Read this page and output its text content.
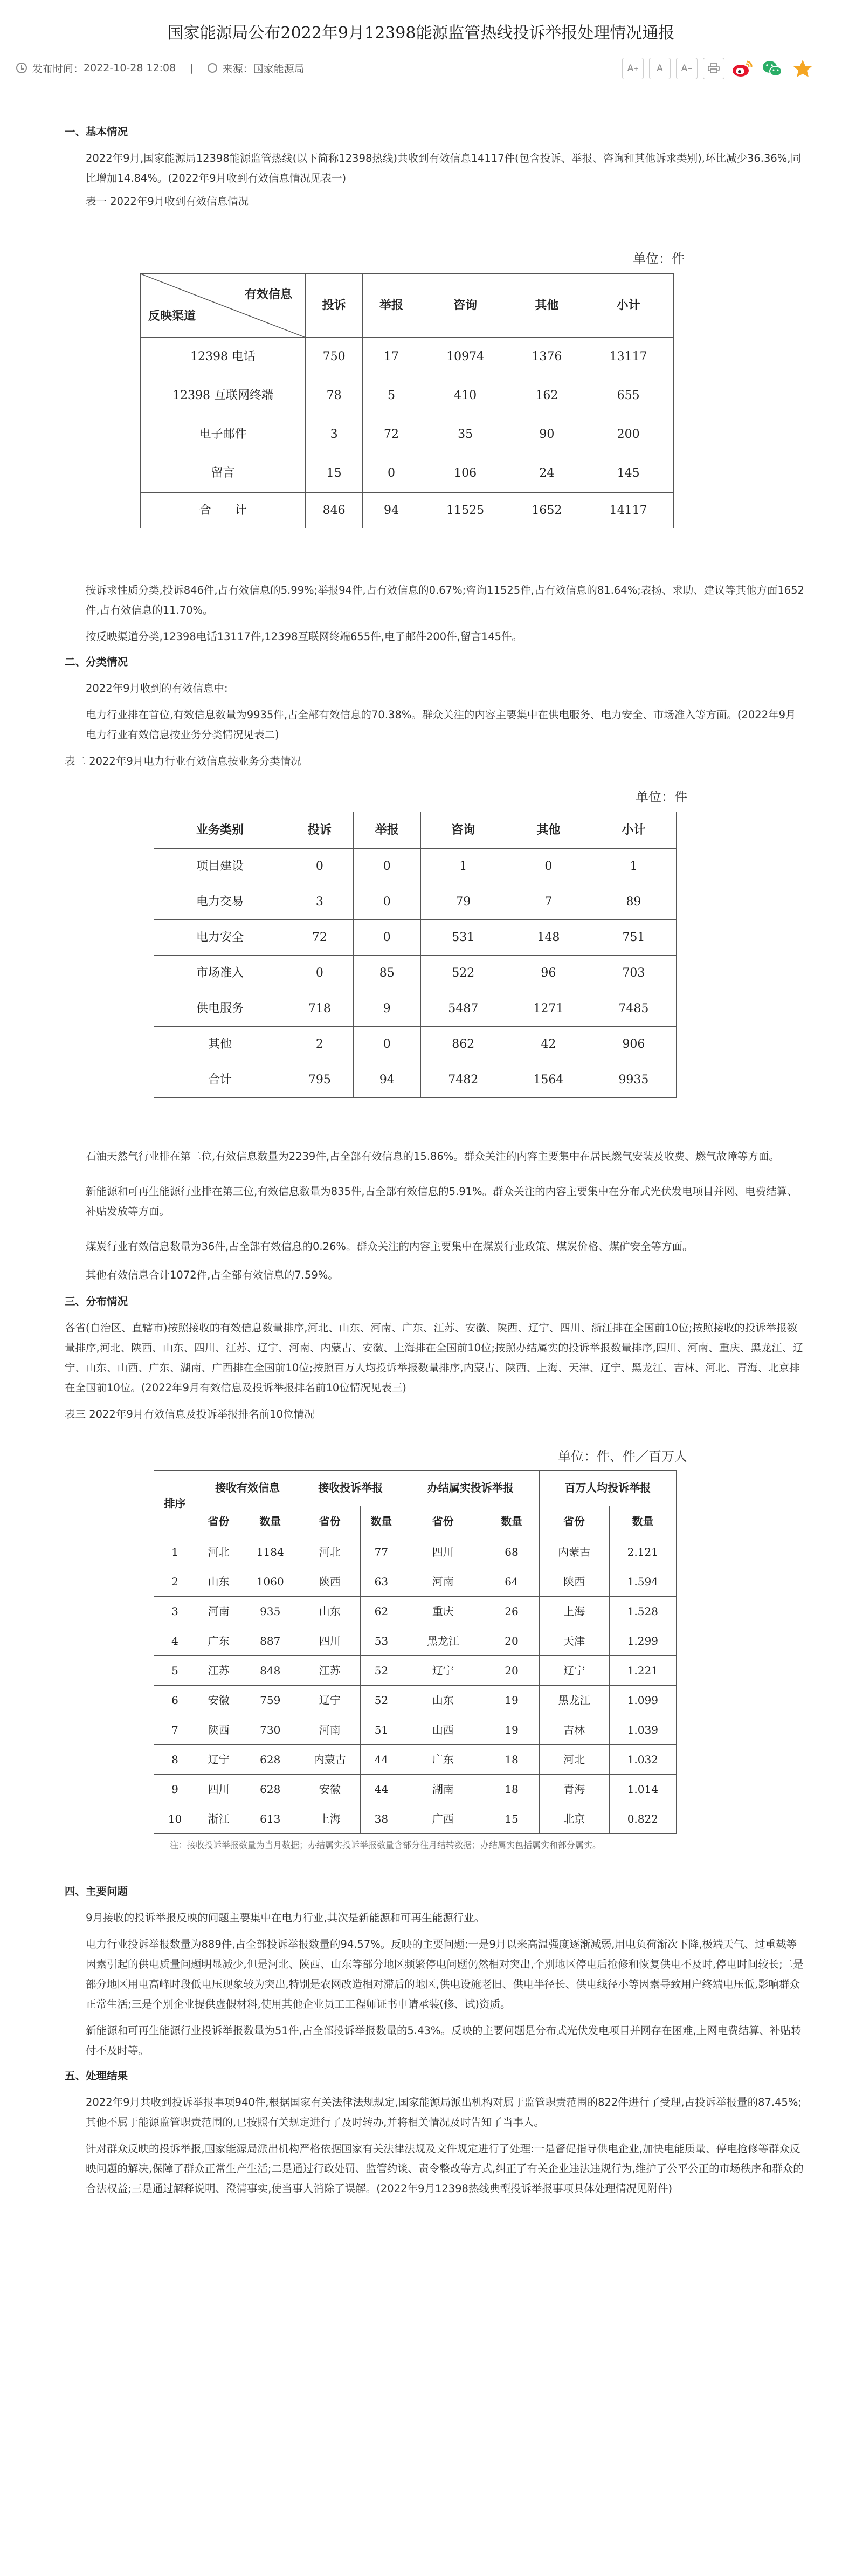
国家能源局公布2022年9月12398能源监管热线投诉举报处理情况通报
发布时间： 2022-10-28 12:08 |	来源： 国家能源局	A + A A −

一、基本情况

2022年9月,国家能源局12398能源监管热线(以下简称12398热线)共收到有效信息14117件(包含投诉、举报、咨询和其他诉求类别),环比减少36.36%,同比增加14.84%。(2022年9月收到有效信息情况见表一)

表一 2022年9月收到有效信息情况

单位：件
有效信息
反映渠道	投诉	举报	咨询	其他	小计
12398 电话	750	17	10974	1376	13117
12398 互联网终端	78	5	410	162	655
电子邮件	3	72	35	90	200
留言	15	0	106	24	145
合　　计	846	94	11525	1652	14117

按诉求性质分类,投诉846件,占有效信息的5.99%;举报94件,占有效信息的0.67%;咨询11525件,占有效信息的81.64%;表扬、求助、建议等其他方面1652件,占有效信息的11.70%。

按反映渠道分类,12398电话13117件,12398互联网终端655件,电子邮件200件,留言145件。

二、分类情况

2022年9月收到的有效信息中:

电力行业排在首位,有效信息数量为9935件,占全部有效信息的70.38%。群众关注的内容主要集中在供电服务、电力安全、市场准入等方面。(2022年9月电力行业有效信息按业务分类情况见表二)

表二 2022年9月电力行业有效信息按业务分类情况

单位：件
业务类别	投诉	举报	咨询	其他	小计
项目建设	0	0	1	0	1
电力交易	3	0	79	7	89
电力安全	72	0	531	148	751
市场准入	0	85	522	96	703
供电服务	718	9	5487	1271	7485
其他	2	0	862	42	906
合计	795	94	7482	1564	9935

石油天然气行业排在第二位,有效信息数量为2239件,占全部有效信息的15.86%。群众关注的内容主要集中在居民燃气安装及收费、燃气故障等方面。

新能源和可再生能源行业排在第三位,有效信息数量为835件,占全部有效信息的5.91%。群众关注的内容主要集中在分布式光伏发电项目并网、电费结算、补贴发放等方面。

煤炭行业有效信息数量为36件,占全部有效信息的0.26%。群众关注的内容主要集中在煤炭行业政策、煤炭价格、煤矿安全等方面。

其他有效信息合计1072件,占全部有效信息的7.59%。

三、分布情况

各省(自治区、直辖市)按照接收的有效信息数量排序,河北、山东、河南、广东、江苏、安徽、陕西、辽宁、四川、浙江排在全国前10位;按照接收的投诉举报数量排序,河北、陕西、山东、四川、江苏、辽宁、河南、内蒙古、安徽、上海排在全国前10位;按照办结属实的投诉举报数量排序,四川、河南、重庆、黑龙江、辽宁、山东、山西、广东、湖南、广西排在全国前10位;按照百万人均投诉举报数量排序,内蒙古、陕西、上海、天津、辽宁、黑龙江、吉林、河北、青海、北京排在全国前10位。(2022年9月有效信息及投诉举报排名前10位情况见表三)

表三 2022年9月有效信息及投诉举报排名前10位情况

单位：件、件／百万人
排序	接收有效信息		接收投诉举报		办结属实投诉举报		百万人均投诉举报	
	省份	数量	省份	数量	省份	数量	省份	数量
1	河北	1184	河北	77	四川	68	内蒙古	2.121
2	山东	1060	陕西	63	河南	64	陕西	1.594
3	河南	935	山东	62	重庆	26	上海	1.528
4	广东	887	四川	53	黑龙江	20	天津	1.299
5	江苏	848	江苏	52	辽宁	20	辽宁	1.221
6	安徽	759	辽宁	52	山东	19	黑龙江	1.099
7	陕西	730	河南	51	山西	19	吉林	1.039
8	辽宁	628	内蒙古	44	广东	18	河北	1.032
9	四川	628	安徽	44	湖南	18	青海	1.014
10	浙江	613	上海	38	广西	15	北京	0.822

注：接收投诉举报数量为当月数据；办结属实投诉举报数量含部分往月结转数据；办结属实包括属实和部分属实。

四、主要问题

9月接收的投诉举报反映的问题主要集中在电力行业,其次是新能源和可再生能源行业。

电力行业投诉举报数量为889件,占全部投诉举报数量的94.57%。反映的主要问题:一是9月以来高温强度逐渐减弱,用电负荷渐次下降,极端天气、过重载等因素引起的供电质量问题明显减少,但是河北、陕西、山东等部分地区频繁停电问题仍然相对突出,个别地区停电后抢修和恢复供电不及时,停电时间较长;二是部分地区用电高峰时段低电压现象较为突出,特别是农网改造相对滞后的地区,供电设施老旧、供电半径长、供电线径小等因素导致用户终端电压低,影响群众正常生活;三是个别企业提供虚假材料,使用其他企业员工工程师证书申请承装(修、试)资质。

新能源和可再生能源行业投诉举报数量为51件,占全部投诉举报数量的5.43%。反映的主要问题是分布式光伏发电项目并网存在困难,上网电费结算、补贴转付不及时等。

五、处理结果

2022年9月共收到投诉举报事项940件,根据国家有关法律法规规定,国家能源局派出机构对属于监管职责范围的822件进行了受理,占投诉举报量的87.45%;其他不属于能源监管职责范围的,已按照有关规定进行了及时转办,并将相关情况及时告知了当事人。

针对群众反映的投诉举报,国家能源局派出机构严格依据国家有关法律法规及文件规定进行了处理:一是督促指导供电企业,加快电能质量、停电抢修等群众反映问题的解决,保障了群众正常生产生活;二是通过行政处罚、监管约谈、责令整改等方式,纠正了有关企业违法违规行为,维护了公平公正的市场秩序和群众的合法权益;三是通过解释说明、澄清事实,使当事人消除了误解。(2022年9月12398热线典型投诉举报事项具体处理情况见附件)
